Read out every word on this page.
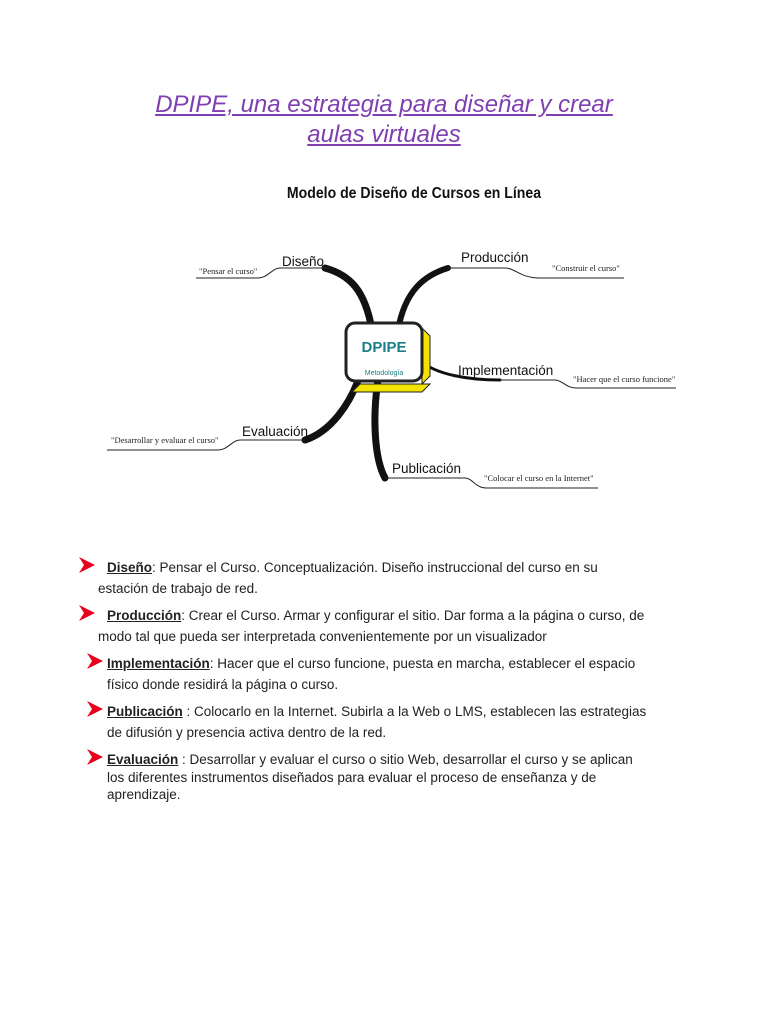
DPIPE, una estrategia para diseñar y crear
aulas virtuales
Modelo de Diseño de Cursos en Línea
DPIPE
Metodología
Diseño	Producción
Implementación
Evaluación
Publicación
"Pensar el curso"	"Construir el curso"
"Hacer que el curso funcione"
"Desarrollar y evaluar el curso"
"Colocar el curso en la Internet"
Diseño: Pensar el Curso. Conceptualización. Diseño instruccional del curso en su
estación de trabajo de red.
Producción: Crear el Curso. Armar y configurar el sitio. Dar forma a la página o curso, de
modo tal que pueda ser interpretada convenientemente por un visualizador
Implementación: Hacer que el curso funcione, puesta en marcha, establecer el espacio
físico donde residirá la página o curso.
Publicación : Colocarlo en la Internet. Subirla a la Web o LMS, establecen las estrategias
de difusión y presencia activa dentro de la red.
Evaluación : Desarrollar y evaluar el curso o sitio Web, desarrollar el curso y se aplican
los diferentes instrumentos diseñados para evaluar el proceso de enseñanza y de
aprendizaje.
